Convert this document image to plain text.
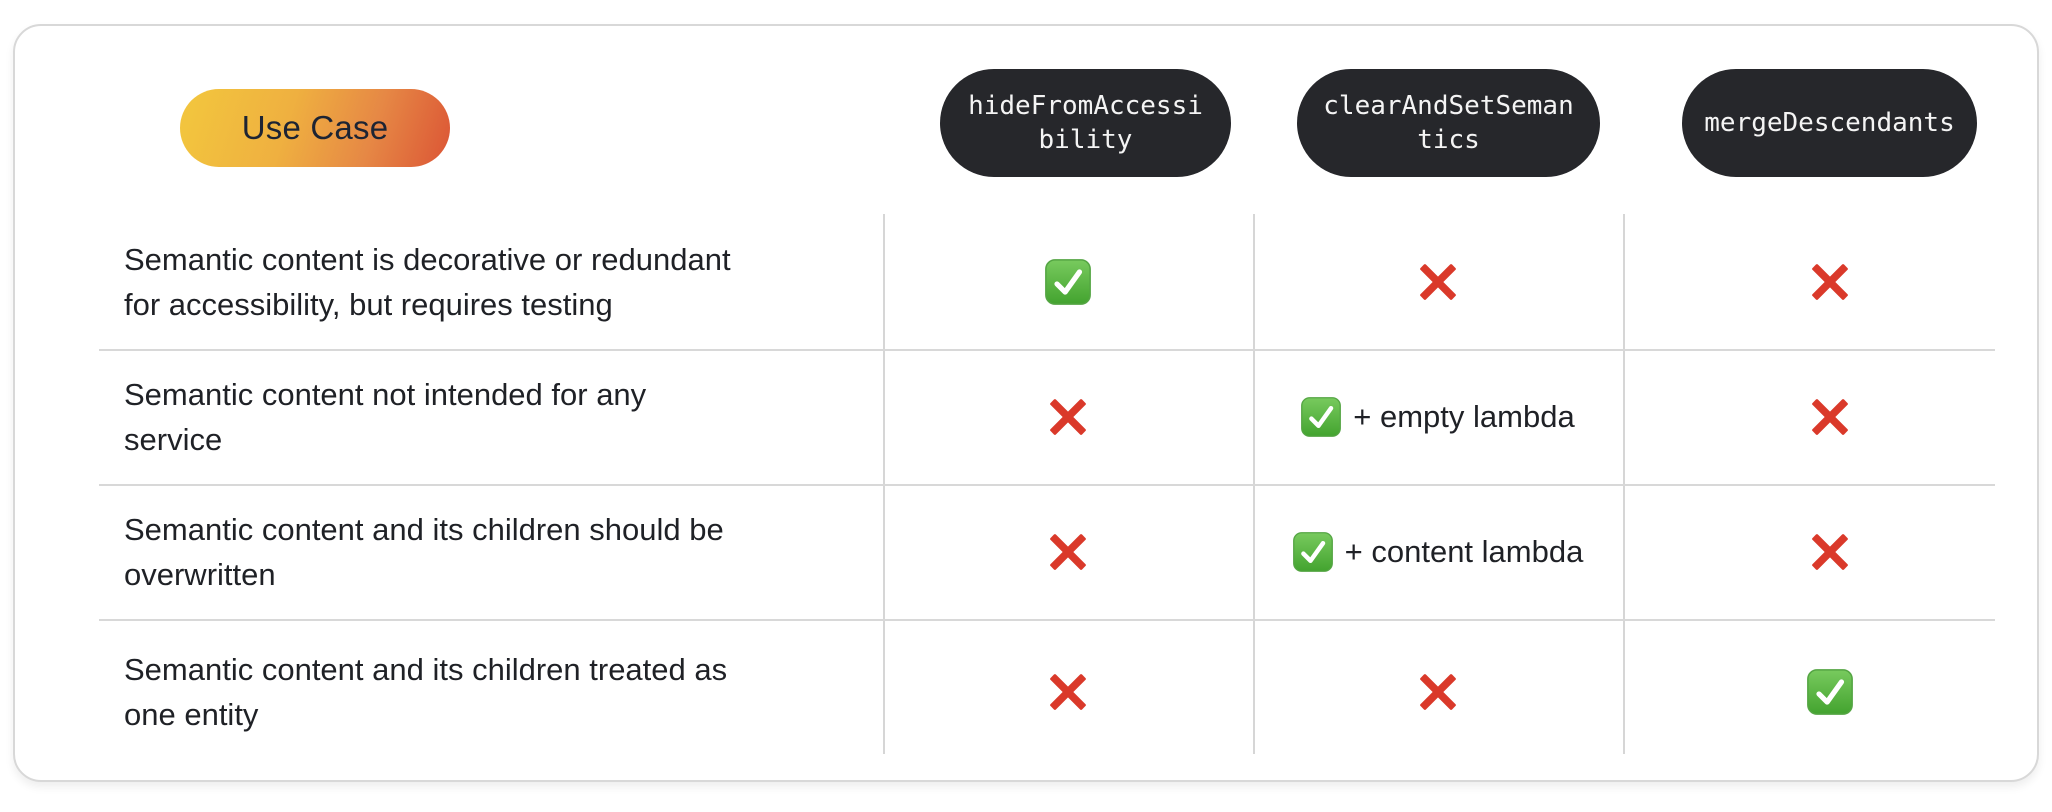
Use Case
hideFromAccessi
bility
clearAndSetSeman
tics
mergeDescendants
Semantic content is decorative or redundant
for accessibility, but requires testing
Semantic content not intended for any
service
+ empty lambda
Semantic content and its children should be
overwritten
+ content lambda
Semantic content and its children treated as
one entity
